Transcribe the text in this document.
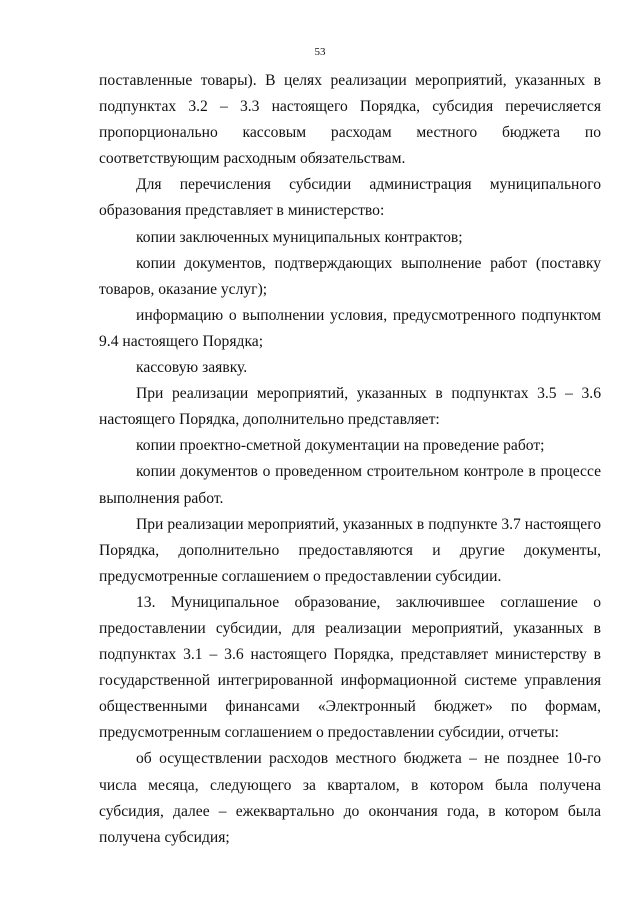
53

поставленные товары). В целях реализации мероприятий, указанных в подпунктах 3.2 – 3.3 настоящего Порядка, субсидия перечисляется пропорционально кассовым расходам местного бюджета по соответствующим расходным обязательствам.

Для перечисления субсидии администрация муниципального образования представляет в министерство:

копии заключенных муниципальных контрактов;

копии документов, подтверждающих выполнение работ (поставку товаров, оказание услуг);

информацию о выполнении условия, предусмотренного подпунктом 9.4 настоящего Порядка;

кассовую заявку.

При реализации мероприятий, указанных в подпунктах 3.5 – 3.6 настоящего Порядка, дополнительно представляет:

копии проектно-сметной документации на проведение работ;

копии документов о проведенном строительном контроле в процессе выполнения работ.

При реализации мероприятий, указанных в подпункте 3.7 настоящего Порядка, дополнительно предоставляются и другие документы, предусмотренные соглашением о предоставлении субсидии.

13. Муниципальное образование, заключившее соглашение о предоставлении субсидии, для реализации мероприятий, указанных в подпунктах 3.1 – 3.6 настоящего Порядка, представляет министерству в государственной интегрированной информационной системе управления общественными финансами «Электронный бюджет» по формам, предусмотренным соглашением о предоставлении субсидии, отчеты:

об осуществлении расходов местного бюджета – не позднее 10-го числа месяца, следующего за кварталом, в котором была получена субсидия, далее – ежеквартально до окончания года, в котором была получена субсидия;
